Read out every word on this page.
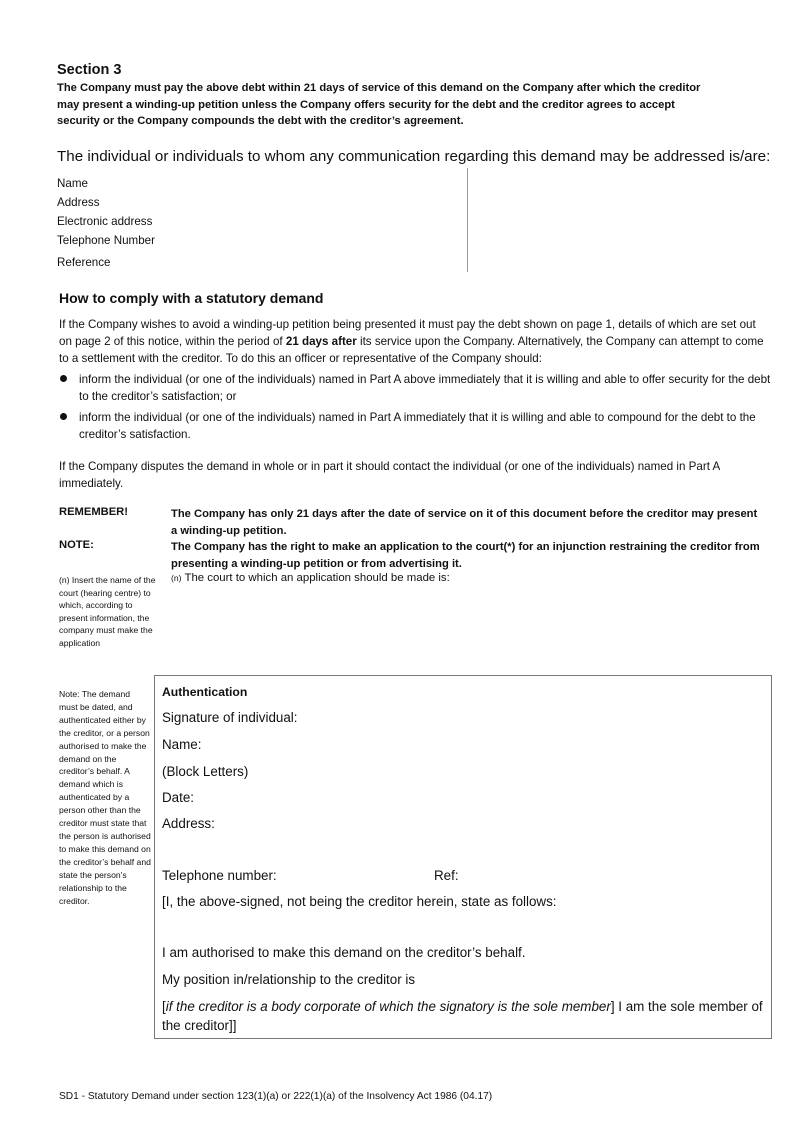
Section 3
The Company must pay the above debt within 21 days of service of this demand on the Company after which the creditor may present a winding-up petition unless the Company offers security for the debt and the creditor agrees to accept security or the Company compounds the debt with the creditor’s agreement.
The individual or individuals to whom any communication regarding this demand may be addressed is/are:
Name
Address
Electronic address
Telephone Number
Reference
How to comply with a statutory demand
If the Company wishes to avoid a winding-up petition being presented it must pay the debt shown on page 1, details of which are set out on page 2 of this notice, within the period of 21 days after its service upon the Company. Alternatively, the Company can attempt to come to a settlement with the creditor. To do this an officer or representative of the Company should:
inform the individual (or one of the individuals) named in Part A above immediately that it is willing and able to offer security for the debt to the creditor’s satisfaction; or
inform the individual (or one of the individuals) named in Part A immediately that it is willing and able to compound for the debt to the creditor’s satisfaction.
If the Company disputes the demand in whole or in part it should contact the individual (or one of the individuals) named in Part A immediately.
REMEMBER!	The Company has only 21 days after the date of service on it of this document before the creditor may present a winding-up petition.
NOTE:	The Company has the right to make an application to the court(*) for an injunction restraining the creditor from presenting a winding-up petition or from advertising it.
(n) Insert the name of the court (hearing centre) to which, according to present information, the company must make the application
(n) The court to which an application should be made is:
Note: The demand must be dated, and authenticated either by the creditor, or a person authorised to make the demand on the creditor’s behalf. A demand which is authenticated by a person other than the creditor must state that the person is authorised to make this demand on the creditor’s behalf and state the person’s relationship to the creditor.
Authentication
Signature of individual:
Name:
(Block Letters)
Date:
Address:
Telephone number:	Ref:
[I, the above-signed, not being the creditor herein, state as follows:
I am authorised to make this demand on the creditor’s behalf.
My position in/relationship to the creditor is
[if the creditor is a body corporate of which the signatory is the sole member] I am the sole member of the creditor]]
SD1 - Statutory Demand under section 123(1)(a) or 222(1)(a) of the Insolvency Act 1986 (04.17)
